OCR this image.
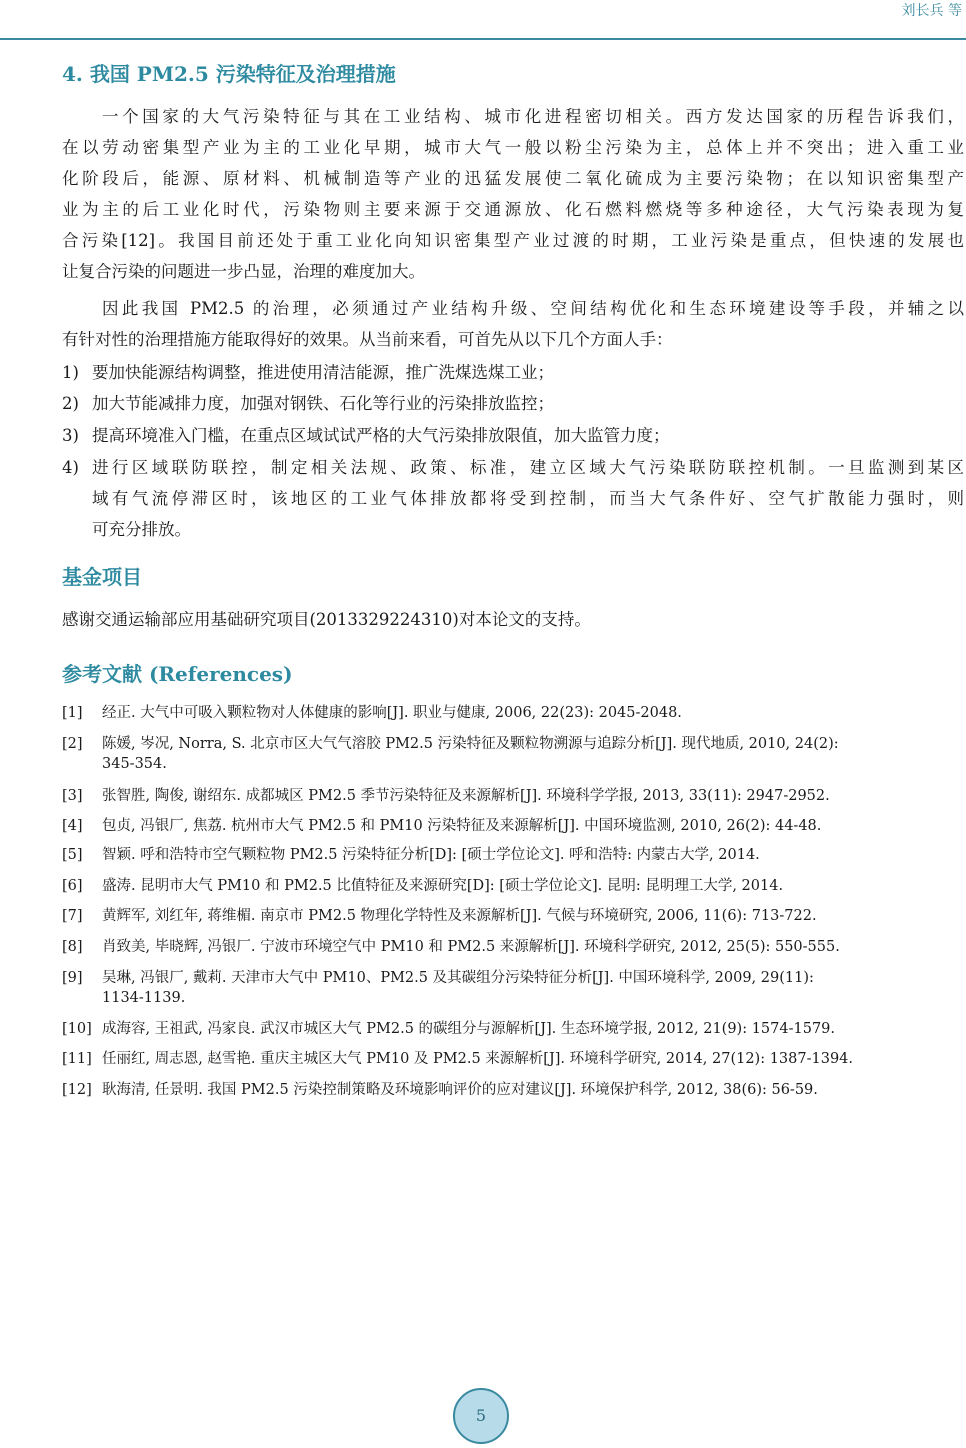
刘长兵 等
4. 我国 PM2.5 污染特征及治理措施
一个国家的大气污染特征与其在工业结构、城市化进程密切相关。西方发达国家的历程告诉我们，
在以劳动密集型产业为主的工业化早期，城市大气一般以粉尘污染为主，总体上并不突出；进入重工业
化阶段后，能源、原材料、机械制造等产业的迅猛发展使二氧化硫成为主要污染物；在以知识密集型产
业为主的后工业化时代，污染物则主要来源于交通源放、化石燃料燃烧等多种途径，大气污染表现为复
合污染[12]。我国目前还处于重工业化向知识密集型产业过渡的时期，工业污染是重点，但快速的发展也
让复合污染的问题进一步凸显，治理的难度加大。
因此我国 PM2.5 的治理，必须通过产业结构升级、空间结构优化和生态环境建设等手段，并辅之以
有针对性的治理措施方能取得好的效果。从当前来看，可首先从以下几个方面人手：
1) 要加快能源结构调整，推进使用清洁能源，推广洗煤选煤工业；
2) 加大节能减排力度，加强对钢铁、石化等行业的污染排放监控；
3) 提高环境准入门槛，在重点区域试试严格的大气污染排放限值，加大监管力度；
4) 进行区域联防联控，制定相关法规、政策、标准，建立区域大气污染联防联控机制。一旦监测到某区
域有气流停滞区时，该地区的工业气体排放都将受到控制，而当大气条件好、空气扩散能力强时，则
可充分排放。
基金项目
感谢交通运输部应用基础研究项目(2013329224310)对本论文的支持。
参考文献 (References)
[1]	经正. 大气中可吸入颗粒物对人体健康的影响[J]. 职业与健康, 2006, 22(23): 2045-2048.
[2]	陈媛, 岑况, Norra, S. 北京市区大气气溶胶 PM2.5 污染特征及颗粒物溯源与追踪分析[J]. 现代地质, 2010, 24(2):
345-354.
[3]	张智胜, 陶俊, 谢绍东. 成都城区 PM2.5 季节污染特征及来源解析[J]. 环境科学学报, 2013, 33(11): 2947-2952.
[4]	包贞, 冯银厂, 焦荔. 杭州市大气 PM2.5 和 PM10 污染特征及来源解析[J]. 中国环境监测, 2010, 26(2): 44-48.
[5]	智颖. 呼和浩特市空气颗粒物 PM2.5 污染特征分析[D]: [硕士学位论文]. 呼和浩特: 内蒙古大学, 2014.
[6]	盛涛. 昆明市大气 PM10 和 PM2.5 比值特征及来源研究[D]: [硕士学位论文]. 昆明: 昆明理工大学, 2014.
[7]	黄辉军, 刘红年, 蒋维楣. 南京市 PM2.5 物理化学特性及来源解析[J]. 气候与环境研究, 2006, 11(6): 713-722.
[8]	肖致美, 毕晓辉, 冯银厂. 宁波市环境空气中 PM10 和 PM2.5 来源解析[J]. 环境科学研究, 2012, 25(5): 550-555.
[9]	吴琳, 冯银厂, 戴莉. 天津市大气中 PM10、PM2.5 及其碳组分污染特征分析[J]. 中国环境科学, 2009, 29(11):
1134-1139.
[10] 成海容, 王祖武, 冯家良. 武汉市城区大气 PM2.5 的碳组分与源解析[J]. 生态环境学报, 2012, 21(9): 1574-1579.
[11] 任丽红, 周志恩, 赵雪艳. 重庆主城区大气 PM10 及 PM2.5 来源解析[J]. 环境科学研究, 2014, 27(12): 1387-1394.
[12] 耿海清, 任景明. 我国 PM2.5 污染控制策略及环境影响评价的应对建议[J]. 环境保护科学, 2012, 38(6): 56-59.
5
